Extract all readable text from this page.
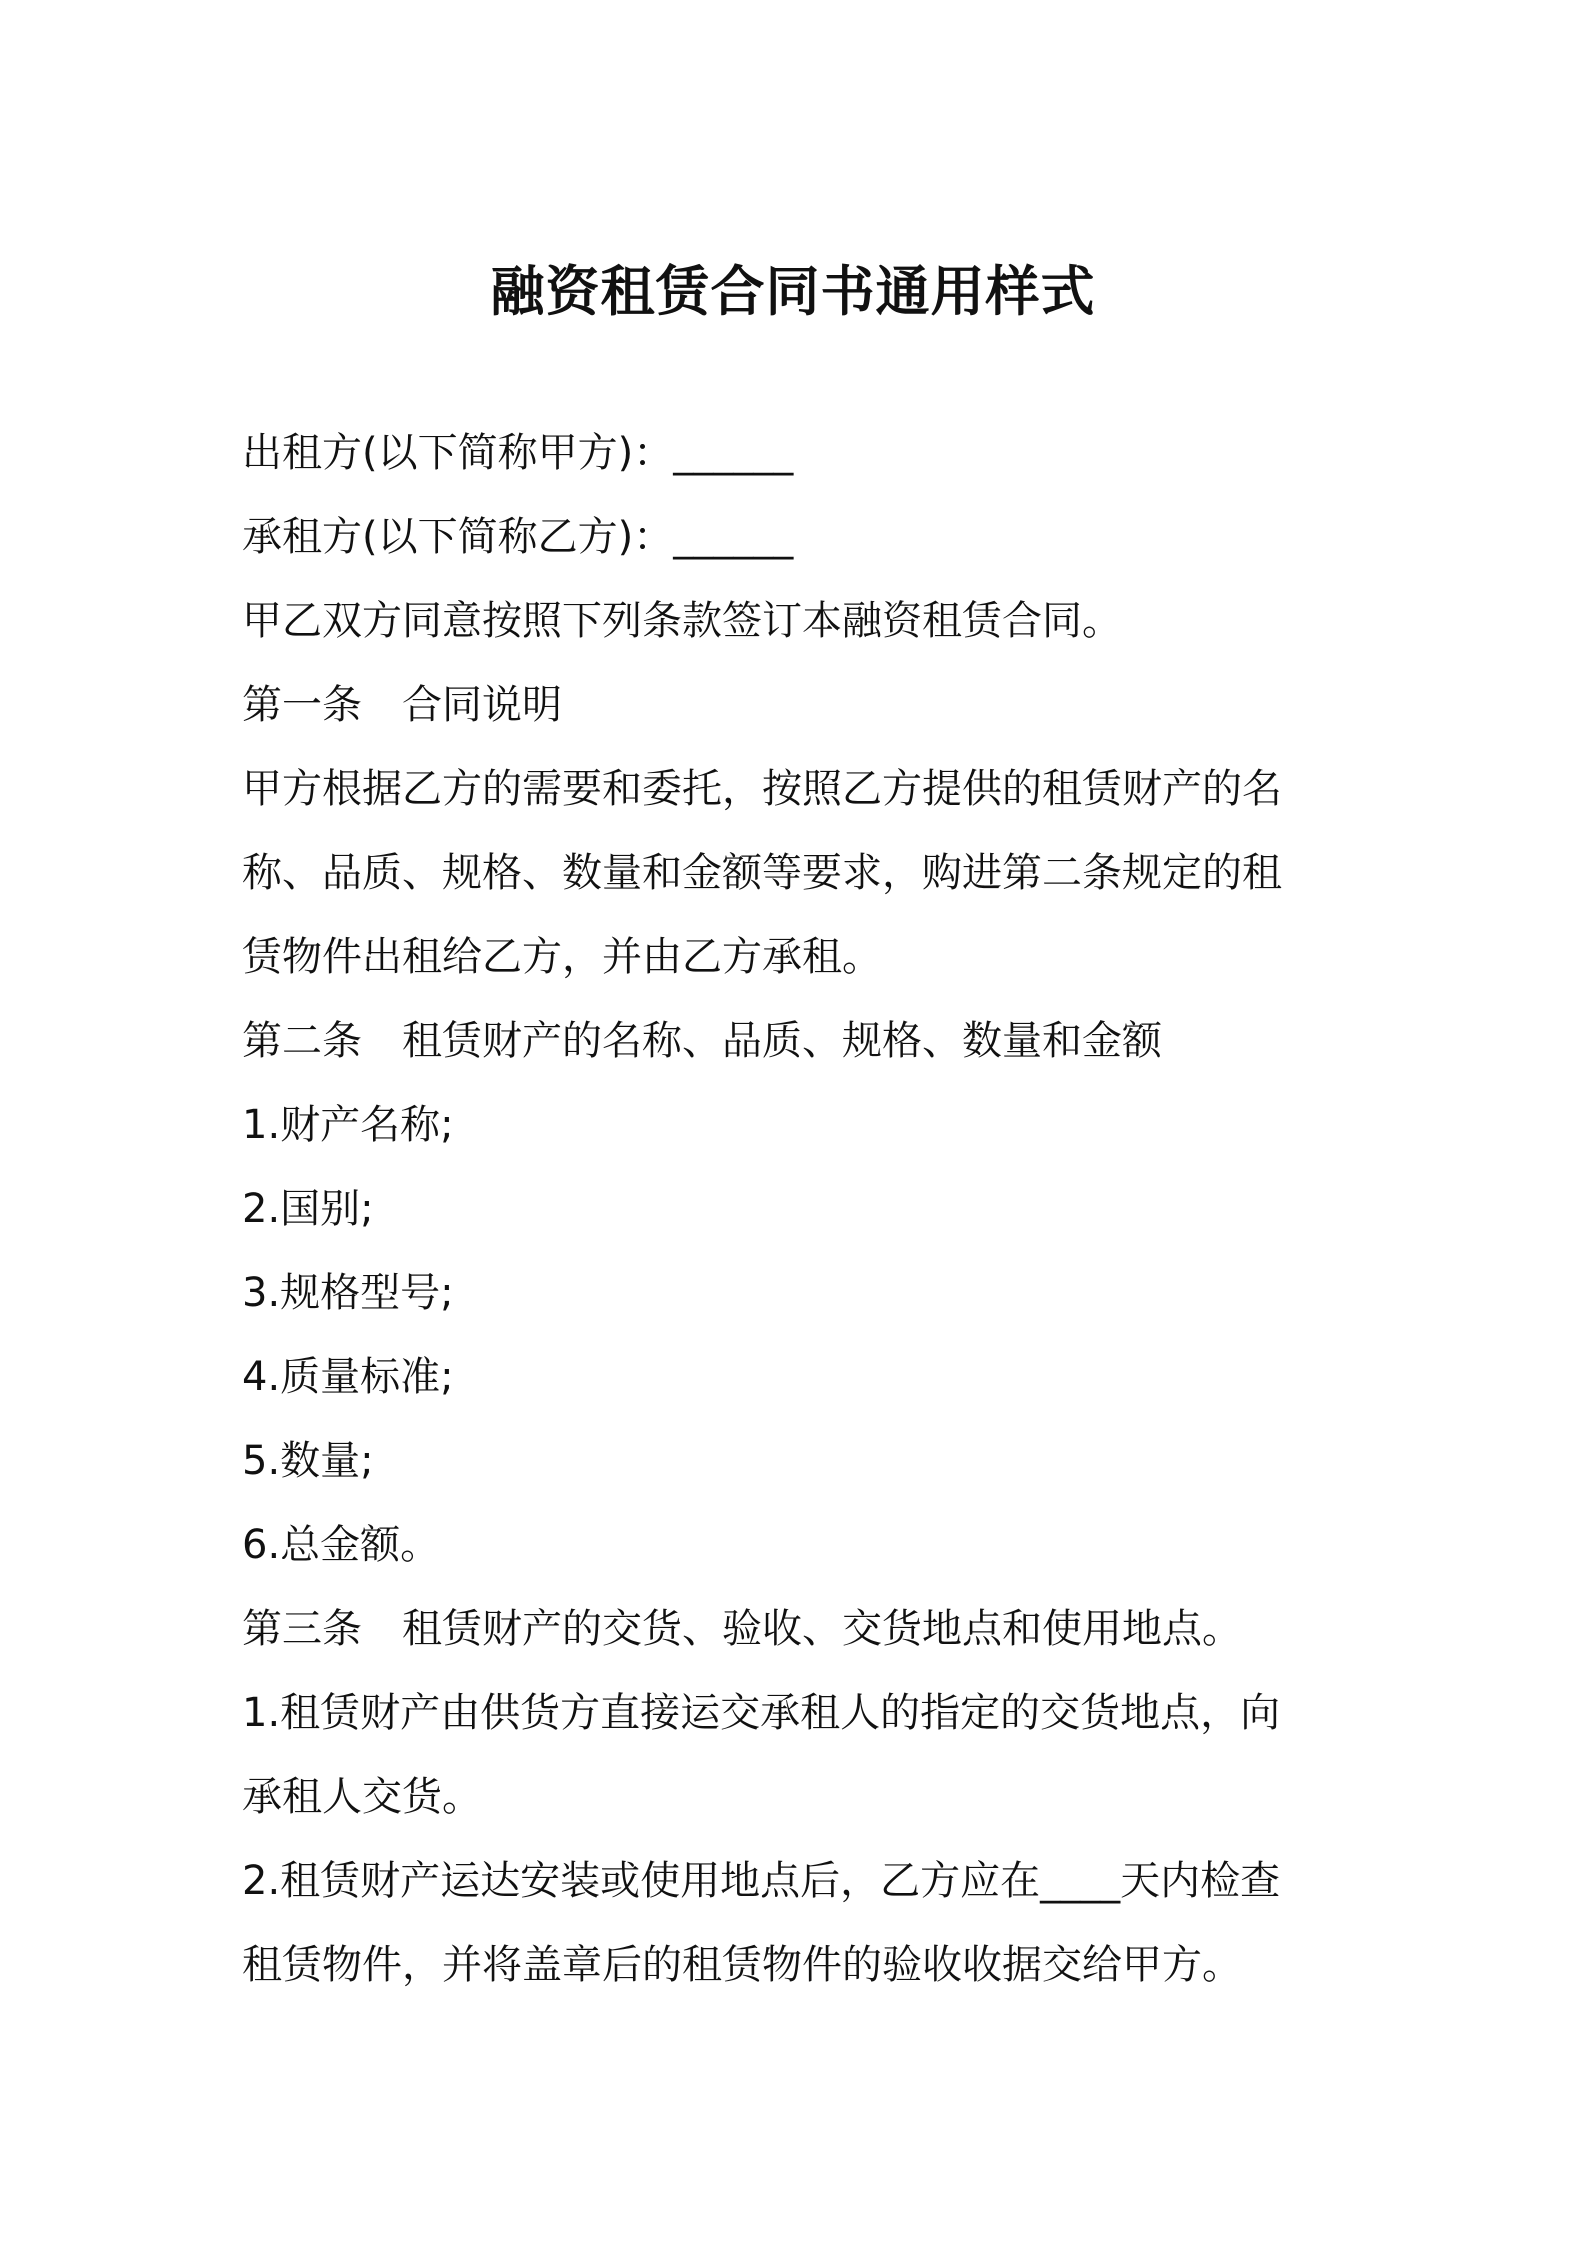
融资租赁合同书通用样式
出租方(以下简称甲方)：______
承租方(以下简称乙方)：______
甲乙双方同意按照下列条款签订本融资租赁合同。
第一条　合同说明
甲方根据乙方的需要和委托，按照乙方提供的租赁财产的名
称、品质、规格、数量和金额等要求，购进第二条规定的租
赁物件出租给乙方，并由乙方承租。
第二条　租赁财产的名称、品质、规格、数量和金额
1.财产名称;
2.国别;
3.规格型号;
4.质量标准;
5.数量;
6.总金额。
第三条　租赁财产的交货、验收、交货地点和使用地点。
1.租赁财产由供货方直接运交承租人的指定的交货地点，向
承租人交货。
2.租赁财产运达安装或使用地点后，乙方应在____天内检查
租赁物件，并将盖章后的租赁物件的验收收据交给甲方。
